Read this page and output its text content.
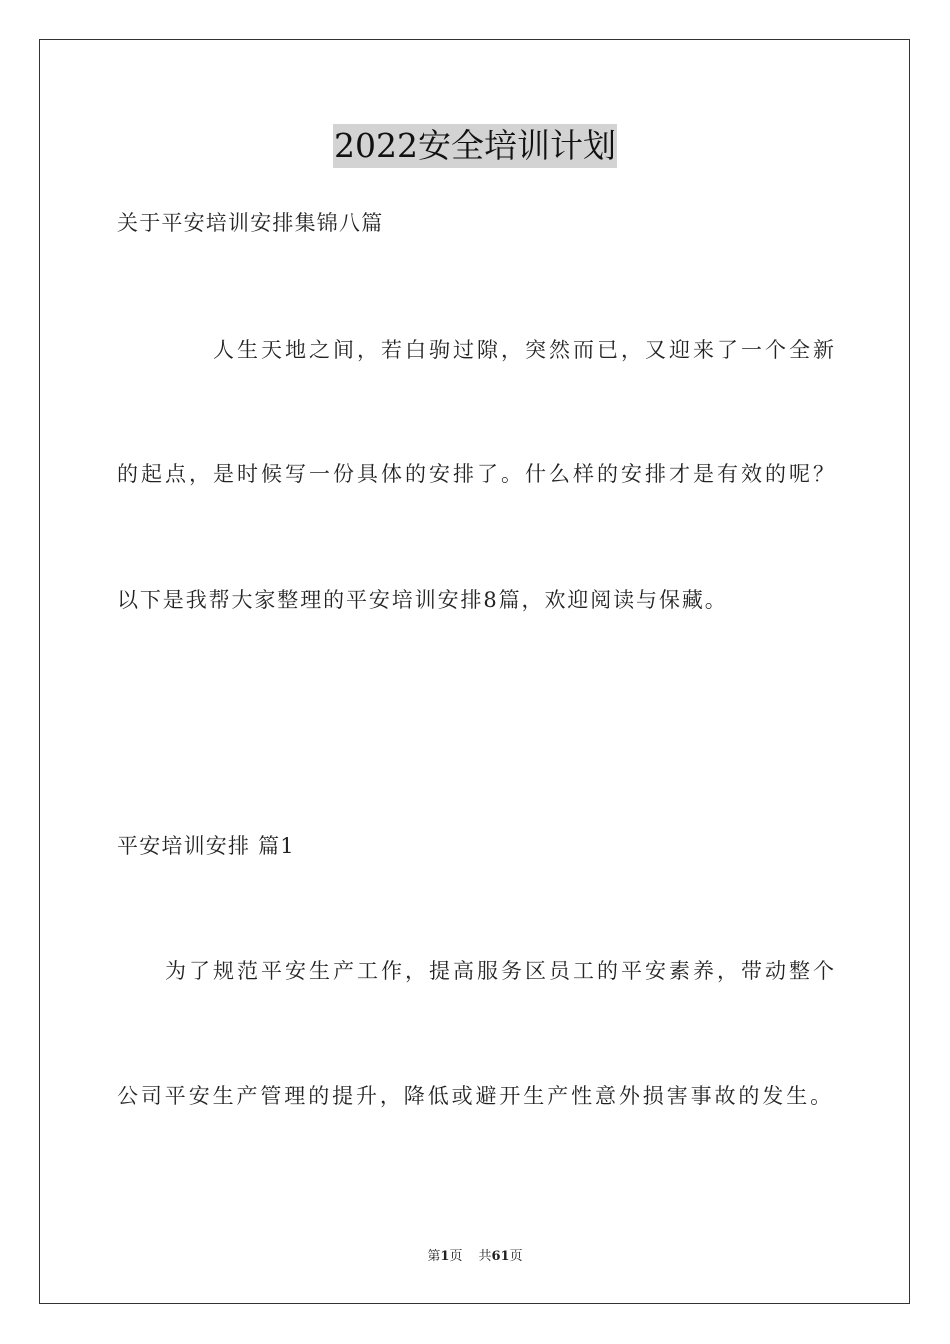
2022安全培训计划
关于平安培训安排集锦八篇
人生天地之间，若白驹过隙，突然而已，又迎来了一个全新
的起点，是时候写一份具体的安排了。什么样的安排才是有效的呢？
以下是我帮大家整理的平安培训安排8篇，欢迎阅读与保藏。
平安培训安排 篇1
为了规范平安生产工作，提高服务区员工的平安素养，带动整个
公司平安生产管理的提升，降低或避开生产性意外损害事故的发生。
第1页 共61页
